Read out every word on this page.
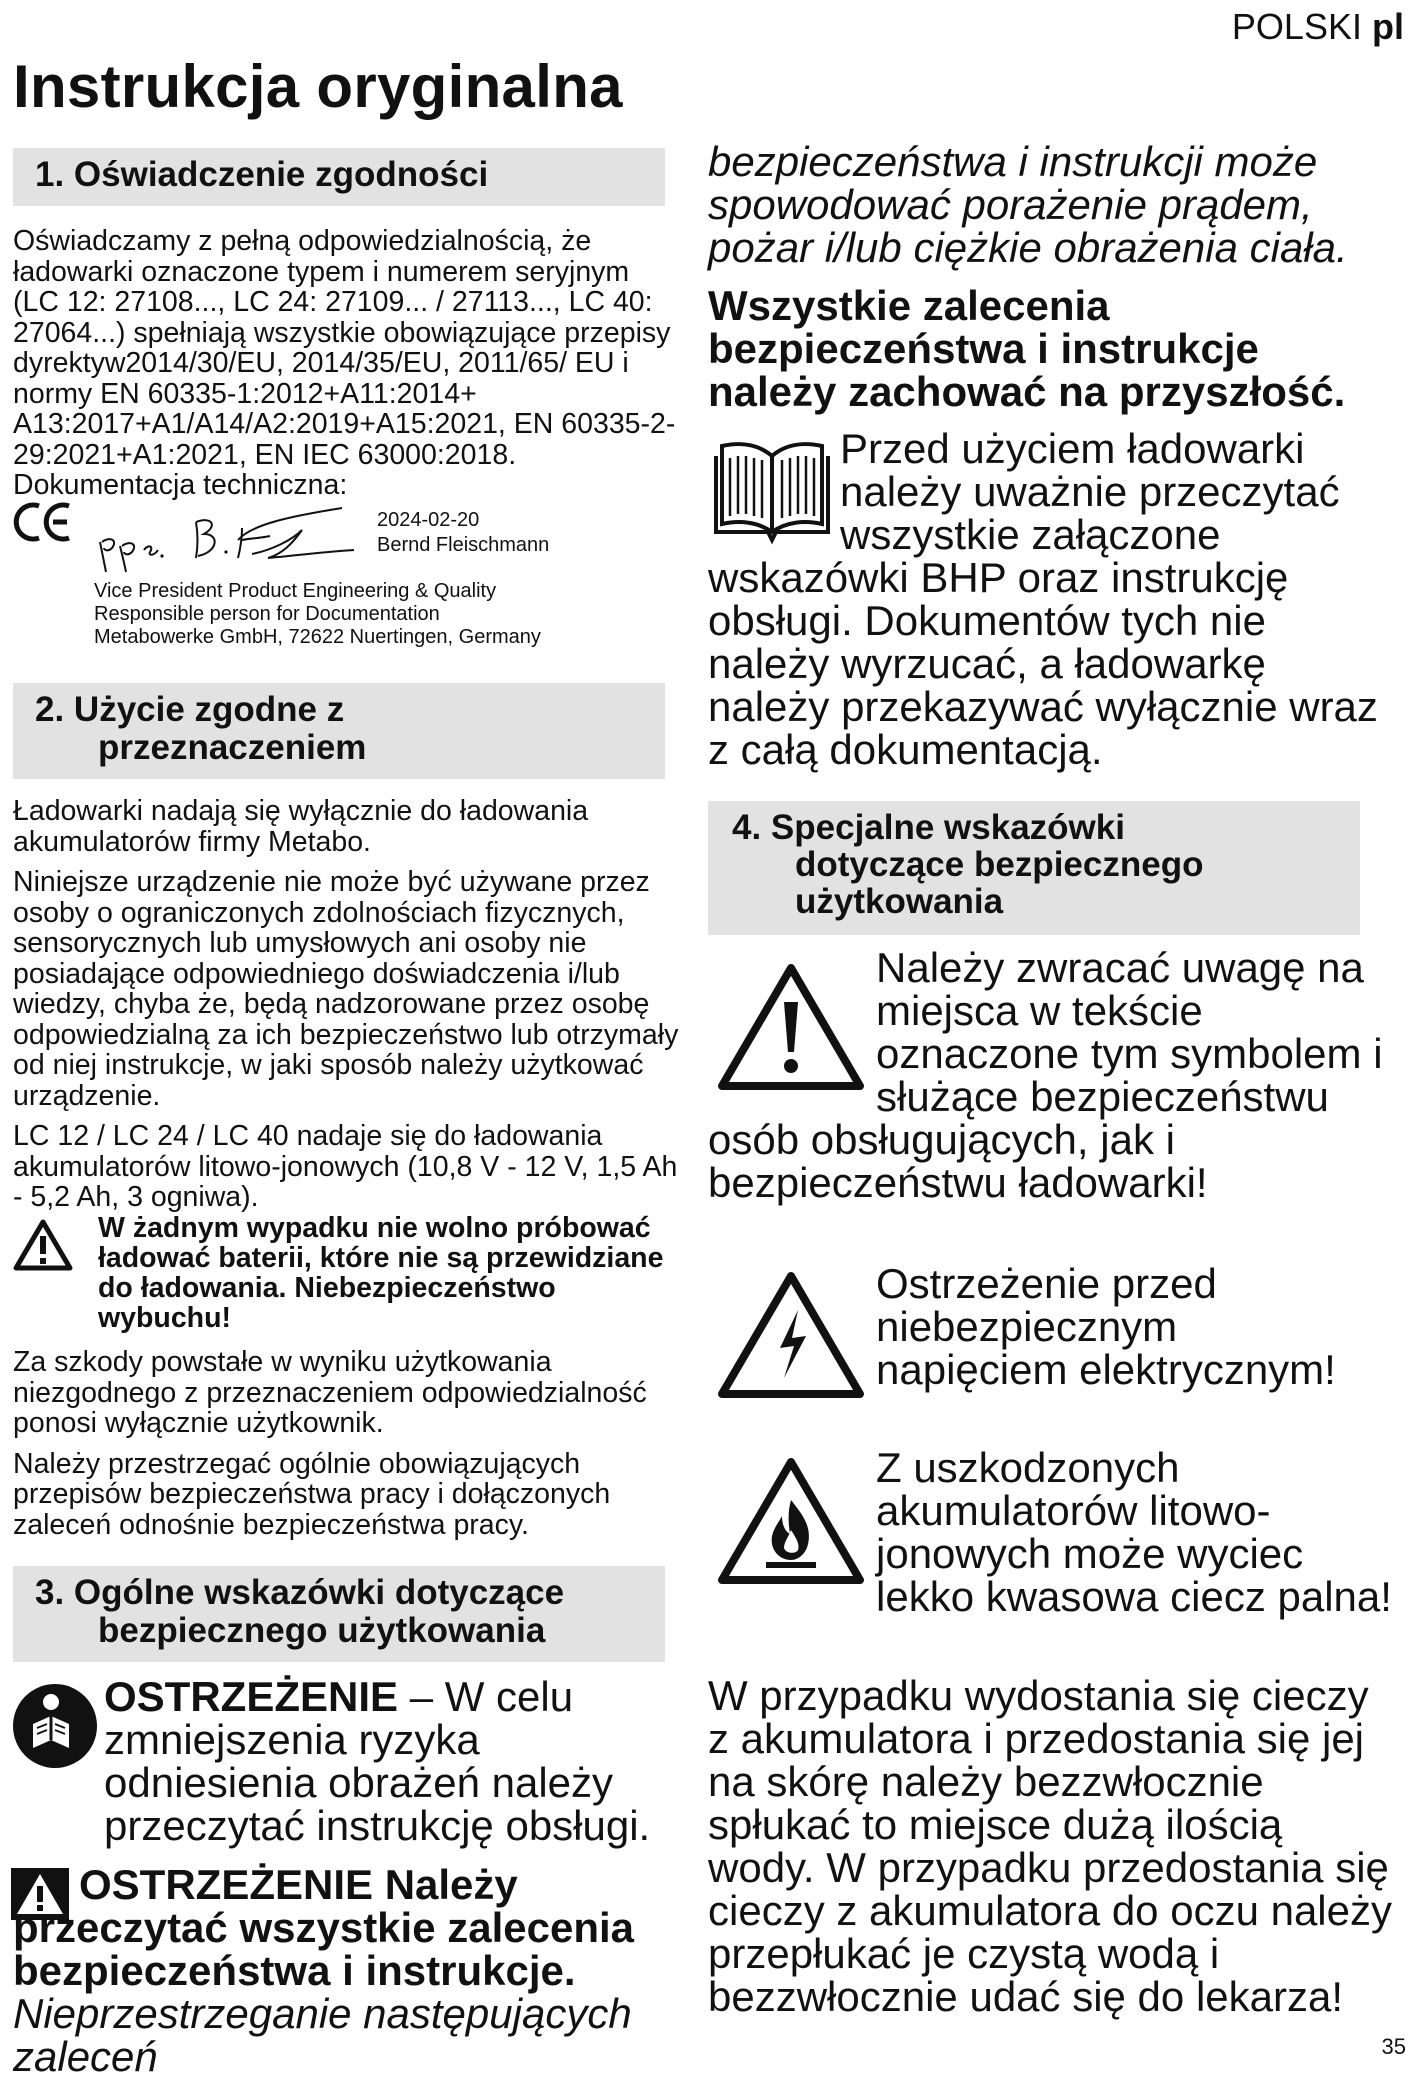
POLSKI pl
Instrukcja oryginalna
1. Oświadczenie zgodności
Oświadczamy z pełną odpowiedzialnością, że ładowarki oznaczone typem i numerem seryjnym (LC 12: 27108..., LC 24: 27109... / 27113..., LC 40: 27064...) spełniają wszystkie obowiązujące przepisy dyrektyw2014/30/EU, 2014/35/EU, 2011/65/ EU i normy EN 60335-1:2012+A11:2014+ A13:2017+A1/A14/A2:2019+A15:2021, EN 60335-2-29:2021+A1:2021, EN IEC 63000:2018. Dokumentacja techniczna:
2024-02-20
Bernd Fleischmann
Vice President Product Engineering & Quality
Responsible person for Documentation
Metabowerke GmbH, 72622 Nuertingen, Germany
2. Użycie zgodne z
przeznaczeniem
Ładowarki nadają się wyłącznie do ładowania akumulatorów firmy Metabo.
Niniejsze urządzenie nie może być używane przez osoby o ograniczonych zdolnościach fizycznych, sensorycznych lub umysłowych ani osoby nie posiadające odpowiedniego doświadczenia i/lub wiedzy, chyba że, będą nadzorowane przez osobę odpowiedzialną za ich bezpieczeństwo lub otrzymały od niej instrukcje, w jaki sposób należy użytkować urządzenie.
LC 12 / LC 24 / LC 40 nadaje się do ładowania akumulatorów litowo-jonowych (10,8 V - 12 V, 1,5 Ah - 5,2 Ah, 3 ogniwa).
W żadnym wypadku nie wolno próbować ładować baterii, które nie są przewidziane do ładowania. Niebezpieczeństwo wybuchu!
Za szkody powstałe w wyniku użytkowania niezgodnego z przeznaczeniem odpowiedzialność ponosi wyłącznie użytkownik.
Należy przestrzegać ogólnie obowiązujących przepisów bezpieczeństwa pracy i dołączonych zaleceń odnośnie bezpieczeństwa pracy.
3. Ogólne wskazówki dotyczące
bezpiecznego użytkowania
OSTRZEŻENIE – W celu zmniejszenia ryzyka odniesienia obrażeń należy przeczytać instrukcję obsługi.
OSTRZEŻENIE Należy przeczytać wszystkie zalecenia bezpieczeństwa i instrukcje. Nieprzestrzeganie następujących zaleceń
bezpieczeństwa i instrukcji może spowodować porażenie prądem, pożar i/lub ciężkie obrażenia ciała.
Wszystkie zalecenia bezpieczeństwa i instrukcje należy zachować na przyszłość.
Przed użyciem ładowarki należy uważnie przeczytać wszystkie załączone wskazówki BHP oraz instrukcję obsługi. Dokumentów tych nie należy wyrzucać, a ładowarkę należy przekazywać wyłącznie wraz z całą dokumentacją.
4. Specjalne wskazówki
dotyczące bezpiecznego
użytkowania
Należy zwracać uwagę na miejsca w tekście oznaczone tym symbolem i służące bezpieczeństwu osób obsługujących, jak i bezpieczeństwu ładowarki!
Ostrzeżenie przed niebezpiecznym napięciem elektrycznym!
Z uszkodzonych akumulatorów litowo-jonowych może wyciec lekko kwasowa ciecz palna!
W przypadku wydostania się cieczy z akumulatora i przedostania się jej na skórę należy bezzwłocznie spłukać to miejsce dużą ilością wody. W przypadku przedostania się cieczy z akumulatora do oczu należy przepłukać je czystą wodą i bezzwłocznie udać się do lekarza!
35
